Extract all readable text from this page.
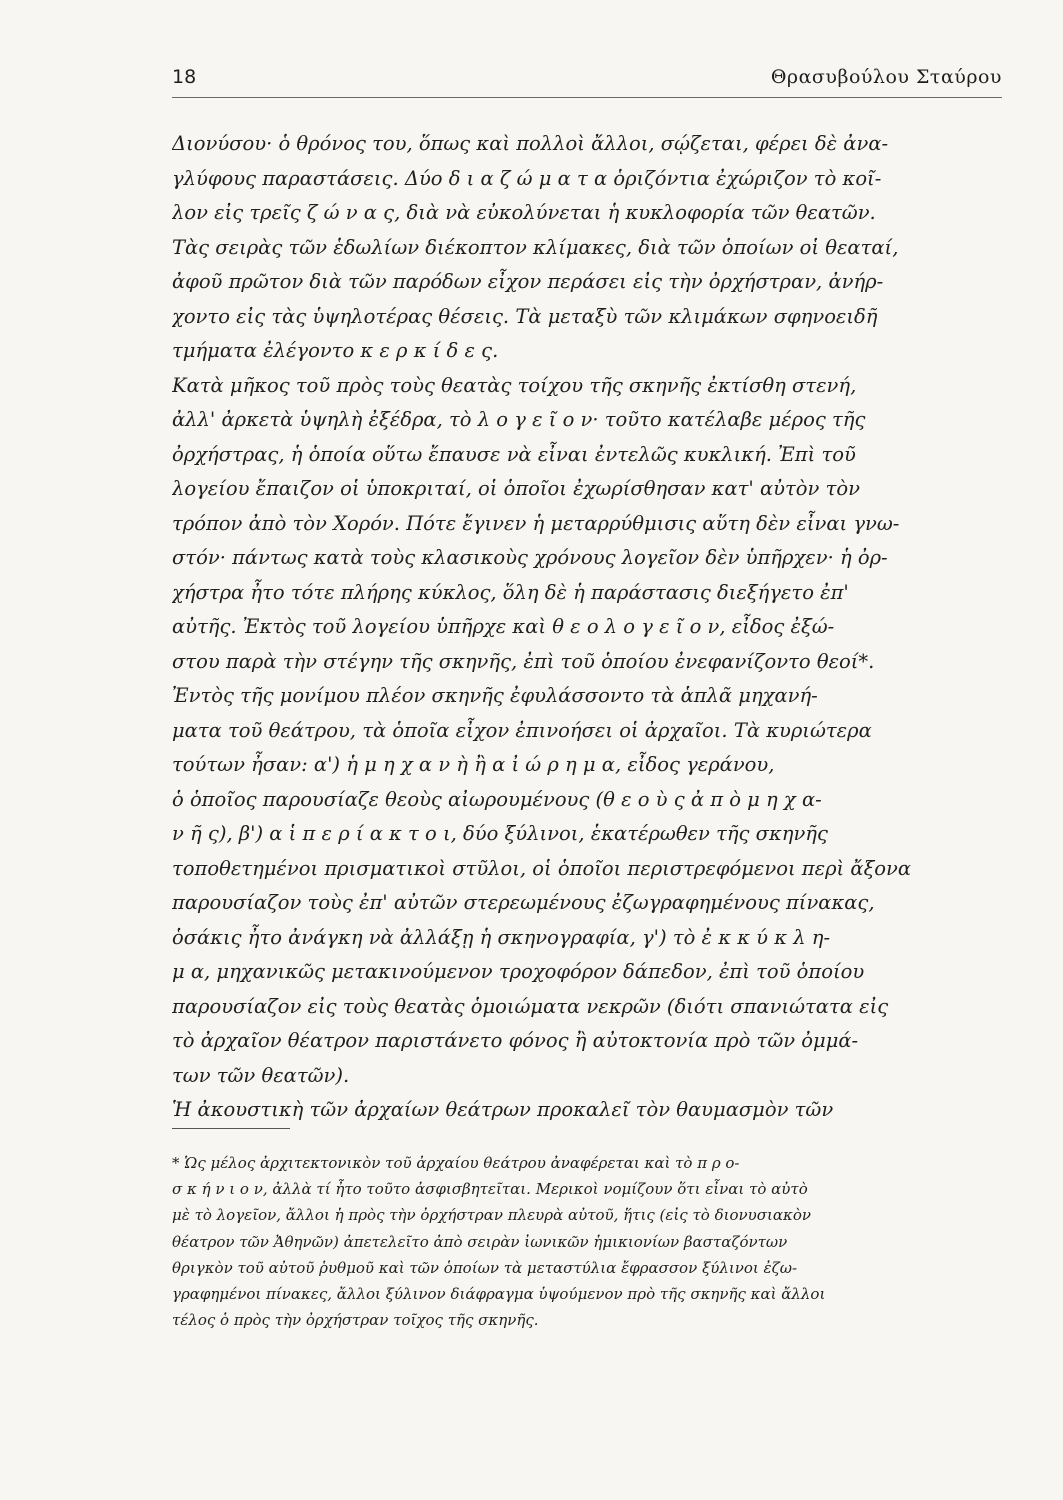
18	Θρασυβούλου Σταύρου
Διονύσου· ὁ θρόνος του, ὅπως καὶ πολλοὶ ἄλλοι, σῴζεται, φέρει δὲ ἀνα-
γλύφους παραστάσεις. Δύο δ ι α ζ ώ μ α τ α ὁριζόντια ἐχώριζον τὸ κοῖ-
λον εἰς τρεῖς ζ ώ ν α ς, διὰ νὰ εὐκολύνεται ἡ κυκλοφορία τῶν θεατῶν.
Τὰς σειρὰς τῶν ἑδωλίων διέκοπτον κλίμακες, διὰ τῶν ὁποίων οἱ θεαταί,
ἀφοῦ πρῶτον διὰ τῶν παρόδων εἶχον περάσει εἰς τὴν ὀρχήστραν, ἀνήρ-
χοντο εἰς τὰς ὑψηλοτέρας θέσεις. Τὰ μεταξὺ τῶν κλιμάκων σφηνοειδῆ
τμήματα ἐλέγοντο κ ε ρ κ ί δ ε ς.
Κατὰ μῆκος τοῦ πρὸς τοὺς θεατὰς τοίχου τῆς σκηνῆς ἐκτίσθη στενή,
ἀλλ' ἀρκετὰ ὑψηλὴ ἐξέδρα, τὸ λ ο γ ε ῖ ο ν· τοῦτο κατέλαβε μέρος τῆς
ὀρχήστρας, ἡ ὁποία οὕτω ἔπαυσε νὰ εἶναι ἐντελῶς κυκλική. Ἐπὶ τοῦ
λογείου ἔπαιζον οἱ ὑποκριταί, οἱ ὁποῖοι ἐχωρίσθησαν κατ' αὐτὸν τὸν
τρόπον ἀπὸ τὸν Χορόν. Πότε ἔγινεν ἡ μεταρρύθμισις αὕτη δὲν εἶναι γνω-
στόν· πάντως κατὰ τοὺς κλασικοὺς χρόνους λογεῖον δὲν ὑπῆρχεν· ἡ ὀρ-
χήστρα ἦτο τότε πλήρης κύκλος, ὅλη δὲ ἡ παράστασις διεξήγετο ἐπ'
αὐτῆς. Ἐκτὸς τοῦ λογείου ὑπῆρχε καὶ θ ε ο λ ο γ ε ῖ ο ν, εἶδος ἐξώ-
στου παρὰ τὴν στέγην τῆς σκηνῆς, ἐπὶ τοῦ ὁποίου ἐνεφανίζοντο θεοί*.
Ἐντὸς τῆς μονίμου πλέον σκηνῆς ἐφυλάσσοντο τὰ ἁπλᾶ μηχανή-
ματα τοῦ θεάτρου, τὰ ὁποῖα εἶχον ἐπινοήσει οἱ ἀρχαῖοι. Τὰ κυριώτερα
τούτων ἦσαν: α') ἡ μ η χ α ν ὴ ἢ α ἰ ώ ρ η μ α, εἶδος γεράνου,
ὁ ὁποῖος παρουσίαζε θεοὺς αἰωρουμένους (θ ε ο ὺ ς ἀ π ὸ μ η χ α-
ν ῆ ς), β') α ἱ π ε ρ ί α κ τ ο ι, δύο ξύλινοι, ἑκατέρωθεν τῆς σκηνῆς
τοποθετημένοι πρισματικοὶ στῦλοι, οἱ ὁποῖοι περιστρεφόμενοι περὶ ἄξονα
παρουσίαζον τοὺς ἐπ' αὐτῶν στερεωμένους ἐζωγραφημένους πίνακας,
ὁσάκις ἦτο ἀνάγκη νὰ ἀλλάξῃ ἡ σκηνογραφία, γ') τὸ ἐ κ κ ύ κ λ η-
μ α, μηχανικῶς μετακινούμενον τροχοφόρον δάπεδον, ἐπὶ τοῦ ὁποίου
παρουσίαζον εἰς τοὺς θεατὰς ὁμοιώματα νεκρῶν (διότι σπανιώτατα εἰς
τὸ ἀρχαῖον θέατρον παριστάνετο φόνος ἢ αὐτοκτονία πρὸ τῶν ὀμμά-
των τῶν θεατῶν).
Ἡ ἀκουστικὴ τῶν ἀρχαίων θεάτρων προκαλεῖ τὸν θαυμασμὸν τῶν
* Ὡς μέλος ἀρχιτεκτονικὸν τοῦ ἀρχαίου θεάτρου ἀναφέρεται καὶ τὸ π ρ ο-
σ κ ή ν ι ο ν, ἀλλὰ τί ἦτο τοῦτο ἀσφισβητεῖται. Μερικοὶ νομίζουν ὅτι εἶναι τὸ αὐτὸ
μὲ τὸ λογεῖον, ἄλλοι ἡ πρὸς τὴν ὀρχήστραν πλευρὰ αὐτοῦ, ἥτις (εἰς τὸ διονυσιακὸν
θέατρον τῶν Ἀθηνῶν) ἀπετελεῖτο ἀπὸ σειρὰν ἰωνικῶν ἡμικιονίων βασταζόντων
θριγκὸν τοῦ αὐτοῦ ῥυθμοῦ καὶ τῶν ὁποίων τὰ μεταστύλια ἔφρασσον ξύλινοι ἐζω-
γραφημένοι πίνακες, ἄλλοι ξύλινον διάφραγμα ὑψούμενον πρὸ τῆς σκηνῆς καὶ ἄλλοι
τέλος ὁ πρὸς τὴν ὀρχήστραν τοῖχος τῆς σκηνῆς.
